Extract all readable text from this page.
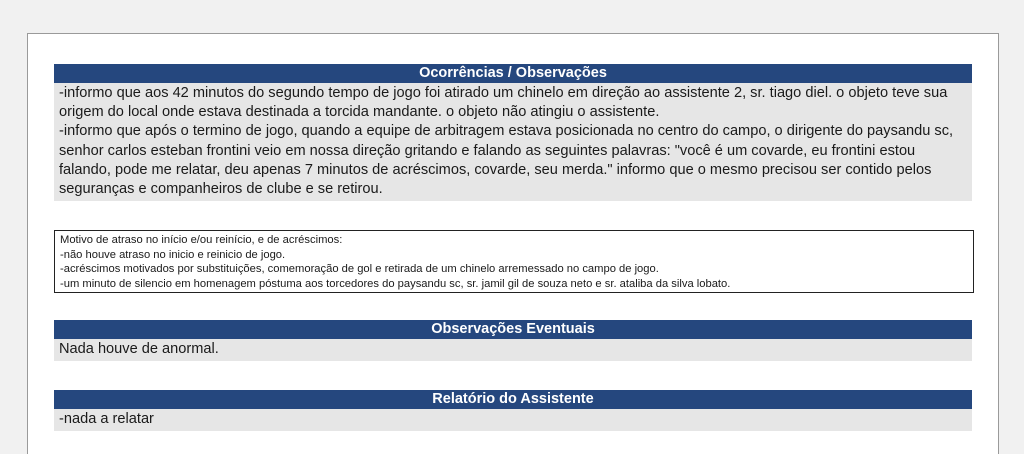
Ocorrências / Observações

-informo que aos 42 minutos do segundo tempo de jogo foi atirado um chinelo em direção ao assistente 2, sr. tiago diel. o objeto teve sua origem do local onde estava destinada a torcida mandante. o objeto não atingiu o assistente.

-informo que após o termino de jogo, quando a equipe de arbitragem estava posicionada no centro do campo, o dirigente do paysandu sc, senhor carlos esteban frontini veio em nossa direção gritando e falando as seguintes palavras: "você é um covarde, eu frontini estou falando, pode me relatar, deu apenas 7 minutos de acréscimos, covarde, seu merda." informo que o mesmo precisou ser contido pelos seguranças e companheiros de clube e se retirou.

Motivo de atraso no início e/ou reinício, e de acréscimos:

-não houve atraso no inicio e reinicio de jogo.

-acréscimos motivados por substituições, comemoração de gol e retirada de um chinelo arremessado no campo de jogo.

-um minuto de silencio em homenagem póstuma aos torcedores do paysandu sc, sr. jamil gil de souza neto e sr. ataliba da silva lobato.

Observações Eventuais
Nada houve de anormal.
Relatório do Assistente
-nada a relatar
